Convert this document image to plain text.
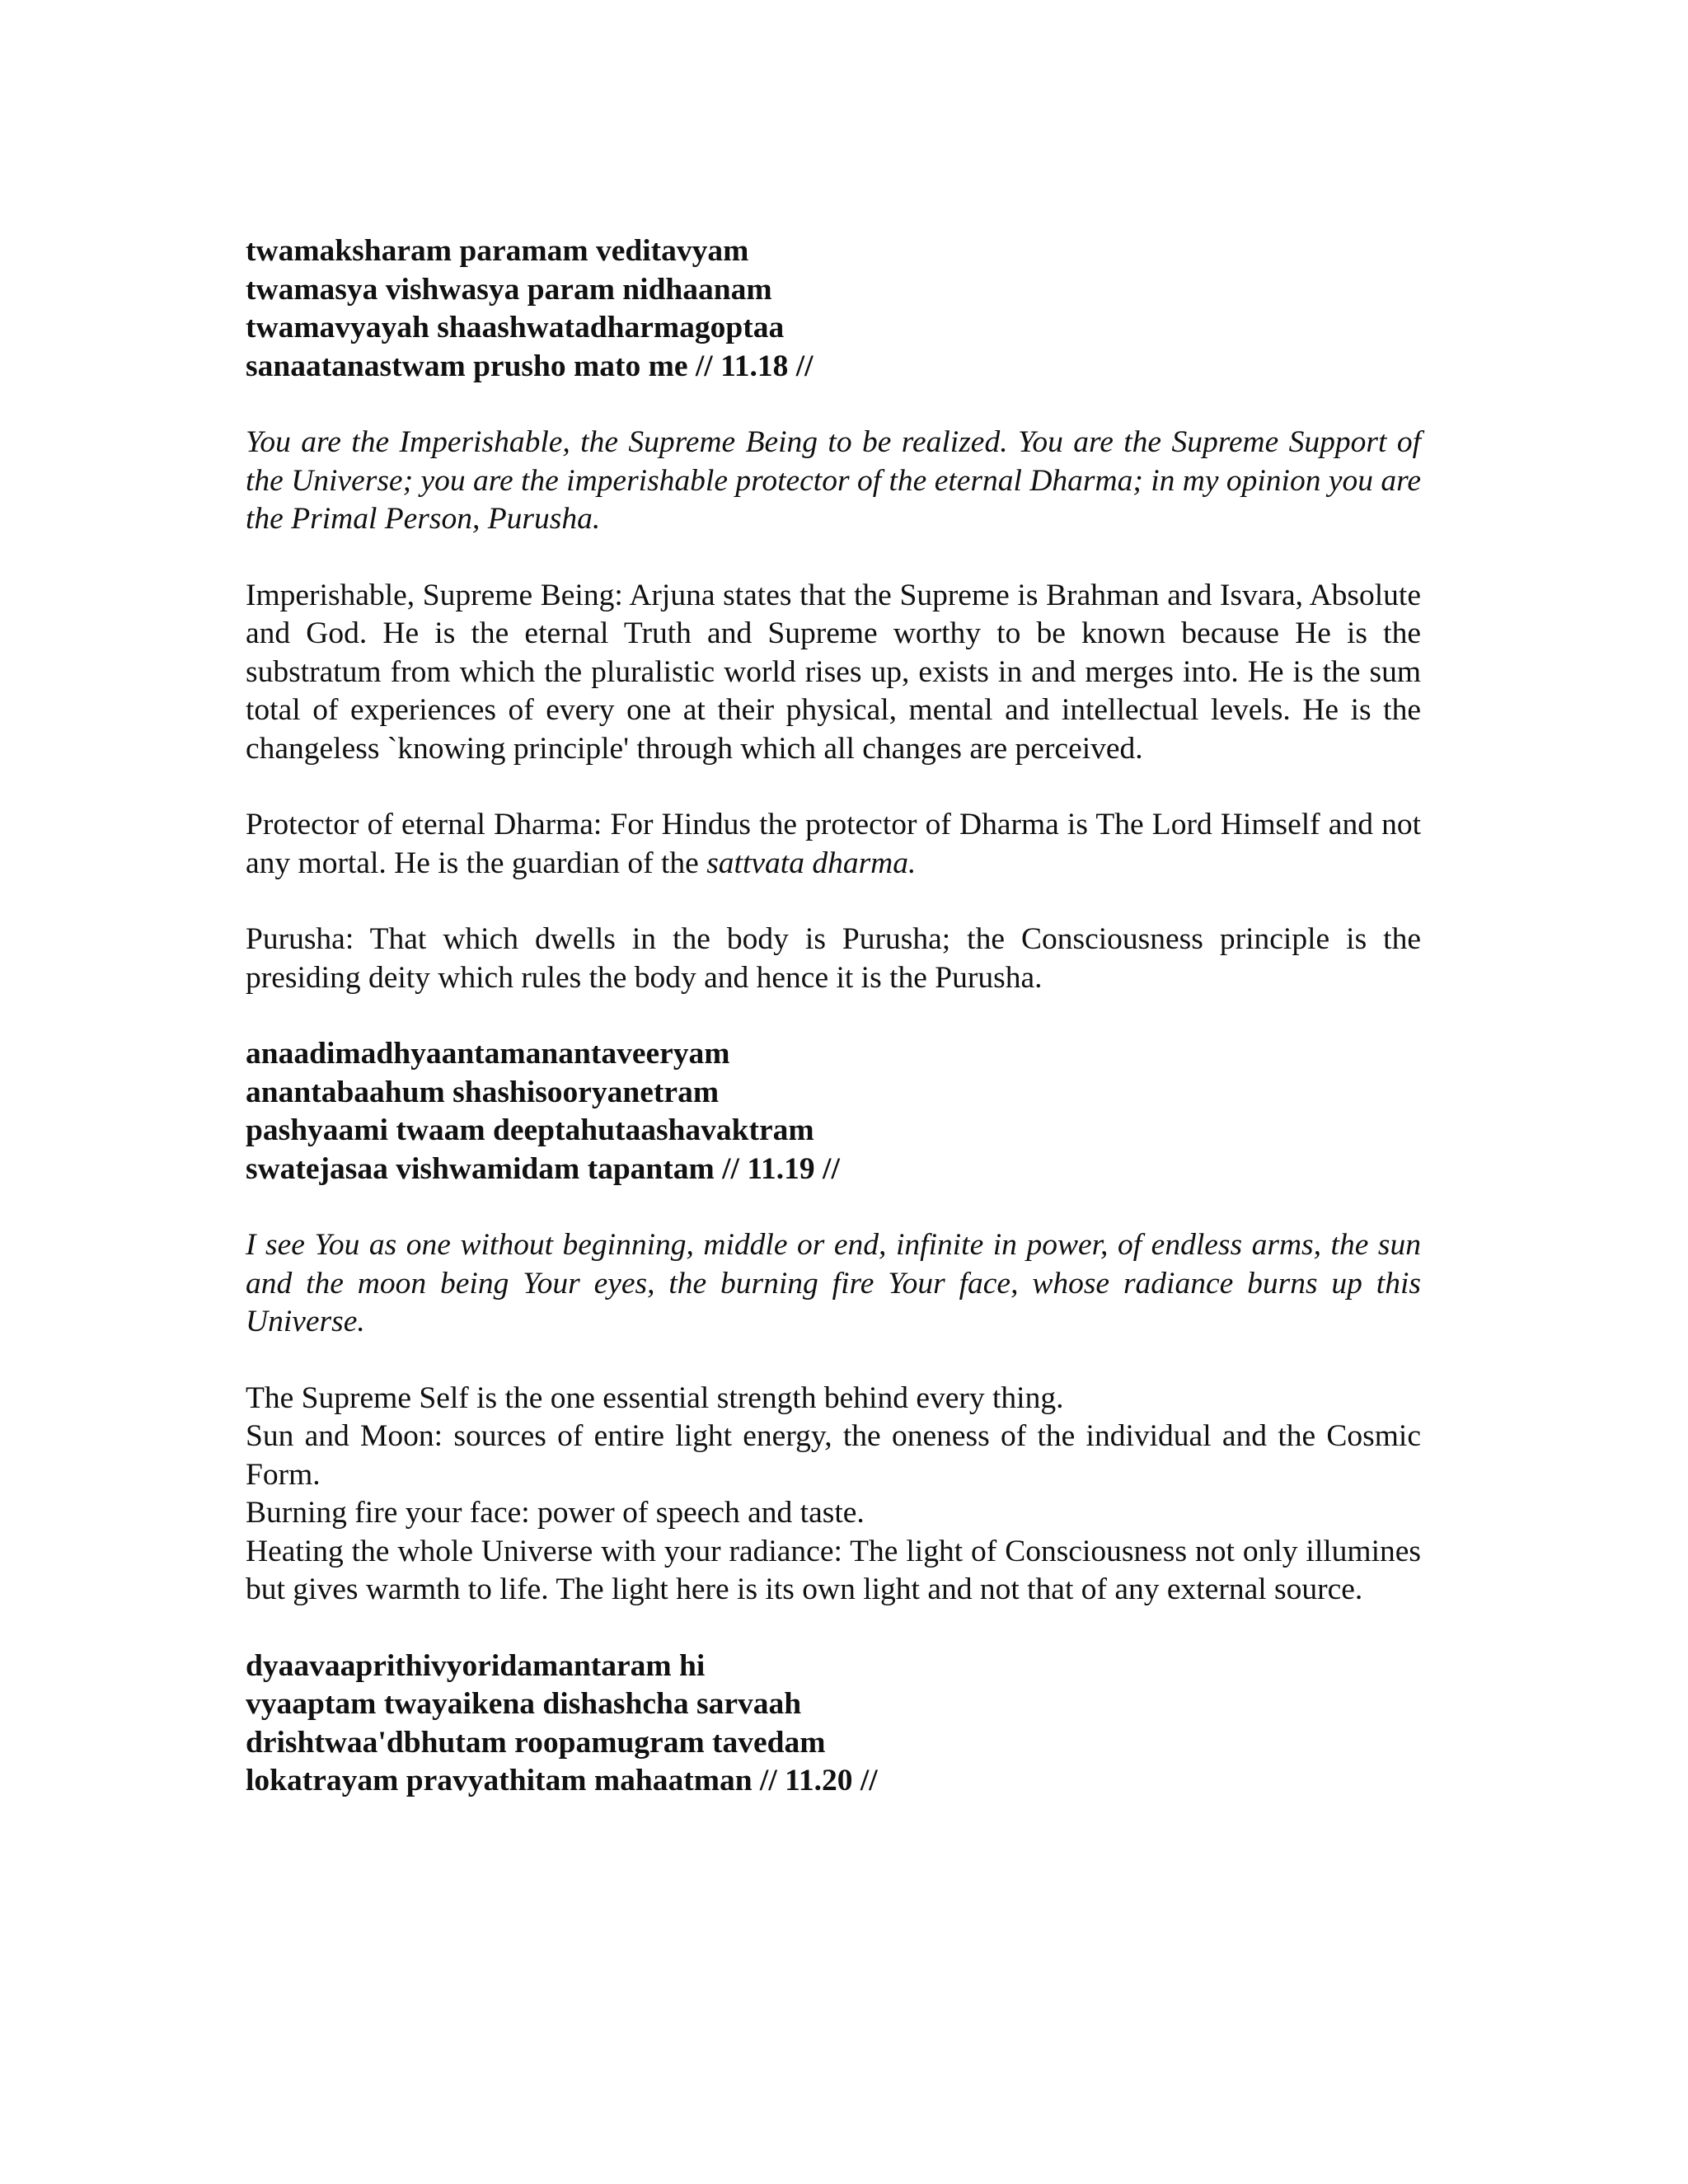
twamaksharam paramam veditavyam
twamasya vishwasya param nidhaanam
twamavyayah shaashwatadharmagoptaa
sanaatanastwam prusho mato me // 11.18 //

You are the Imperishable, the Supreme Being to be realized. You are the Supreme Support of the Universe; you are the imperishable protector of the eternal Dharma; in my opinion you are the Primal Person, Purusha.

Imperishable, Supreme Being: Arjuna states that the Supreme is Brahman and Isvara, Absolute and God. He is the eternal Truth and Supreme worthy to be known because He is the substratum from which the pluralistic world rises up, exists in and merges into. He is the sum total of experiences of every one at their physical, mental and intellectual levels. He is the changeless `knowing principle' through which all changes are perceived.

Protector of eternal Dharma: For Hindus the protector of Dharma is The Lord Himself and not any mortal. He is the guardian of the sattvata dharma.

Purusha: That which dwells in the body is Purusha; the Consciousness principle is the presiding deity which rules the body and hence it is the Purusha.

anaadimadhyaantamanantaveeryam
anantabaahum shashisooryanetram
pashyaami twaam deeptahutaashavaktram
swatejasaa vishwamidam tapantam // 11.19 //

I see You as one without beginning, middle or end, infinite in power, of endless arms, the sun and the moon being Your eyes, the burning fire Your face, whose radiance burns up this Universe.

The Supreme Self is the one essential strength behind every thing.

Sun and Moon: sources of entire light energy, the oneness of the individual and the Cosmic Form.

Burning fire your face: power of speech and taste.

Heating the whole Universe with your radiance: The light of Consciousness not only illumines but gives warmth to life. The light here is its own light and not that of any external source.

dyaavaaprithivyoridamantaram hi
vyaaptam twayaikena dishashcha sarvaah
drishtwaa'dbhutam roopamugram tavedam
lokatrayam pravyathitam mahaatman // 11.20 //
